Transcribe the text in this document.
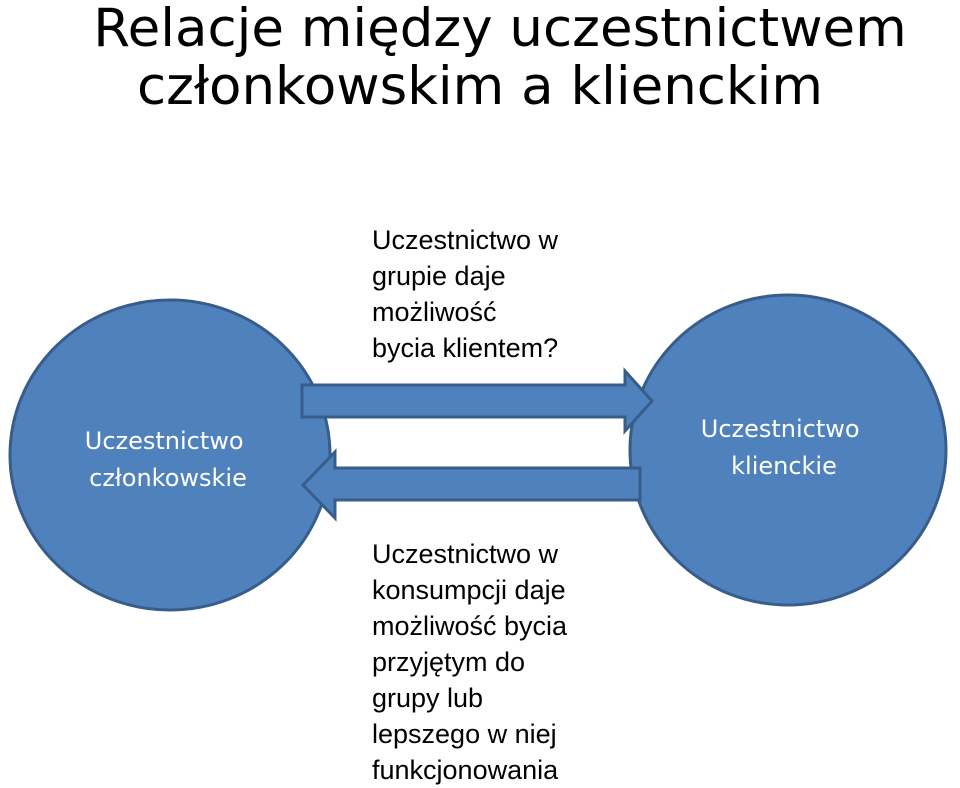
Relacje między uczestnictwem
członkowskim a klienckim
Uczestnictwo członkowskie
Uczestnictwo klienckie

Uczestnictwo w
grupie daje
możliwość
bycia klientem?

Uczestnictwo w
konsumpcji daje
możliwość bycia
przyjętym do
grupy lub
lepszego w niej
funkcjonowania
